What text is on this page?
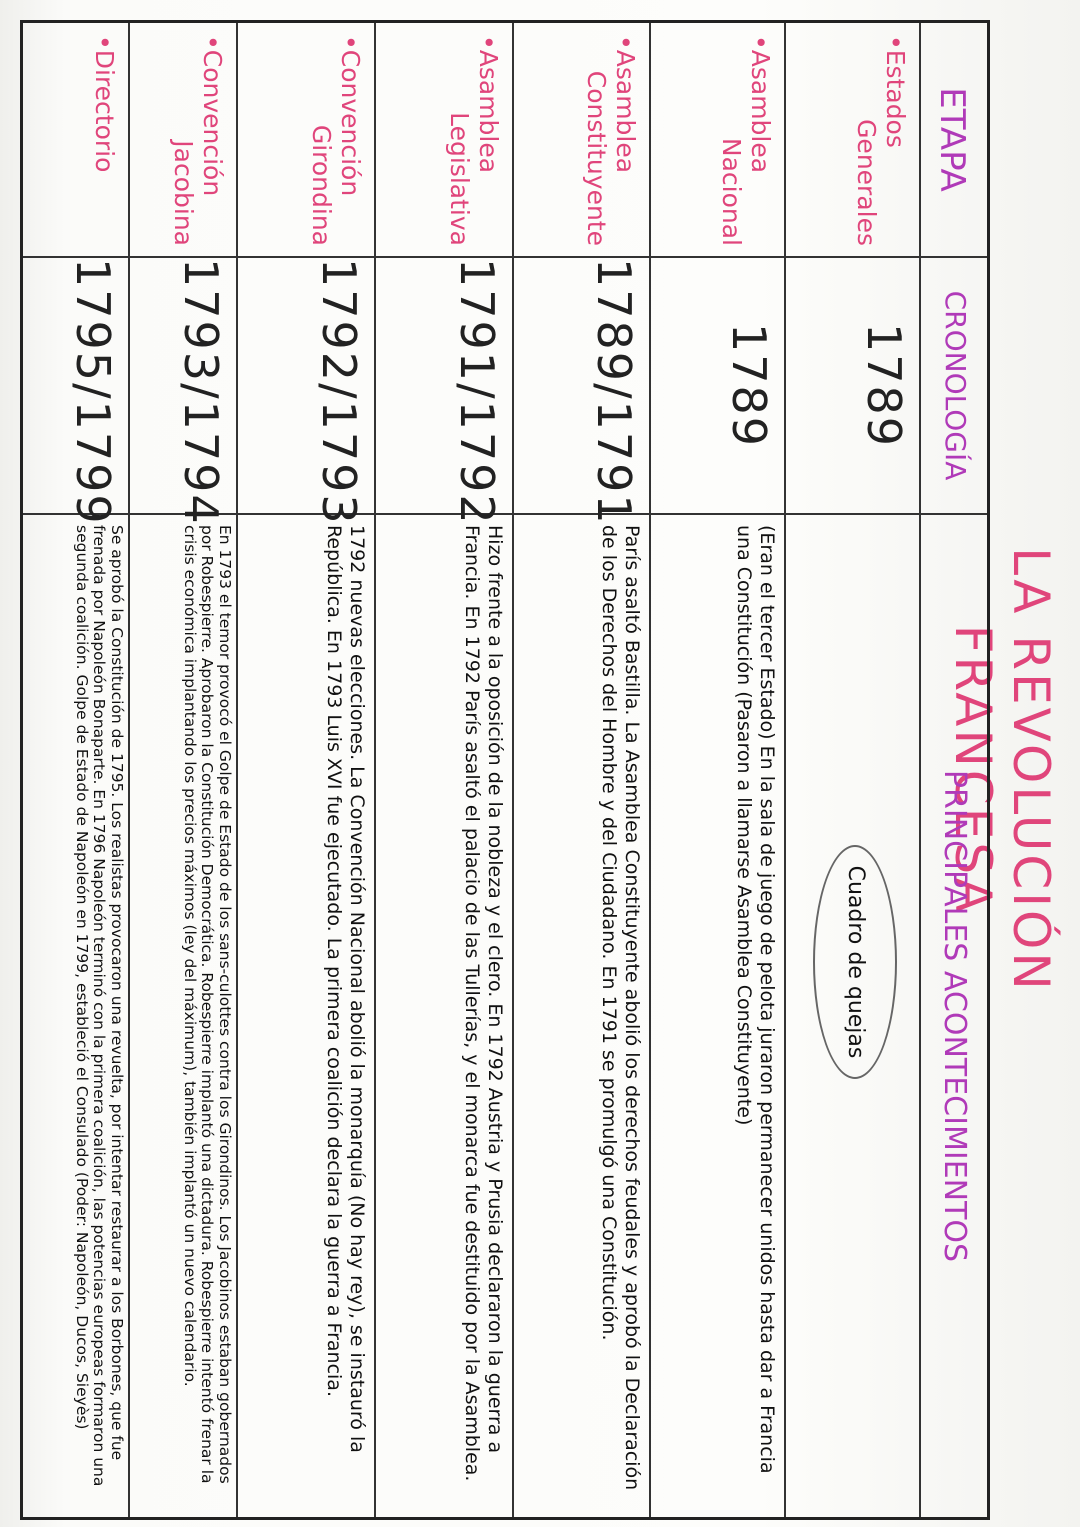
LA REVOLUCIÓN FRANCESA
ETAPA
CRONOLOGÍA
PRINCIPALES ACONTECIMIENTOS
•Estados
Generales
1789
Cuadro de quejas
•Asamblea
Nacional
1789
(Eran el tercer Estado) En la sala de juego de pelota juraron permanecer unidos hasta dar a Francia una Constitución (Pasaron a llamarse Asamblea Constituyente)
•Asamblea
Constituyente
1789/1791
París asaltó Bastilla. La Asamblea Constituyente abolió los derechos feudales y aprobó la Declaración de los Derechos del Hombre y del Ciudadano. En 1791 se promulgó una Constitución.
•Asamblea
Legislativa
1791/1792
Hizo frente a la oposición de la nobleza y el clero. En 1792 Austria y Prusia declararon la guerra a Francia. En 1792 París asaltó el palacio de las Tullerías, y el monarca fue destituido por la Asamblea.
•Convención
Girondina
1792/1793
1792 nuevas elecciones. La Convención Nacional abolió la monarquía (No hay rey), se instauró la República. En 1793 Luis XVI fue ejecutado. La primera coalición declara la guerra a Francia.
•Convención
Jacobina
1793/1794
En 1793 el temor provocó el Golpe de Estado de los sans-culottes contra los Girondinos. Los Jacobinos estaban gobernados por Robespierre. Aprobaron la Constitución Democrática. Robespierre implantó una dictadura. Robespierre intentó frenar la crisis económica implantando los precios máximos (ley del máximum), también implantó un nuevo calendario.
•Directorio
1795/1799
Se aprobó la Constitución de 1795. Los realistas provocaron una revuelta, por intentar restaurar a los Borbones, que fue frenada por Napoleón Bonaparte. En 1796 Napoleón terminó con la primera coalición, las potencias europeas formaron una segunda coalición. Golpe de Estado de Napoleón en 1799, estableció el Consulado (Poder: Napoleón, Ducos, Sieyès)
